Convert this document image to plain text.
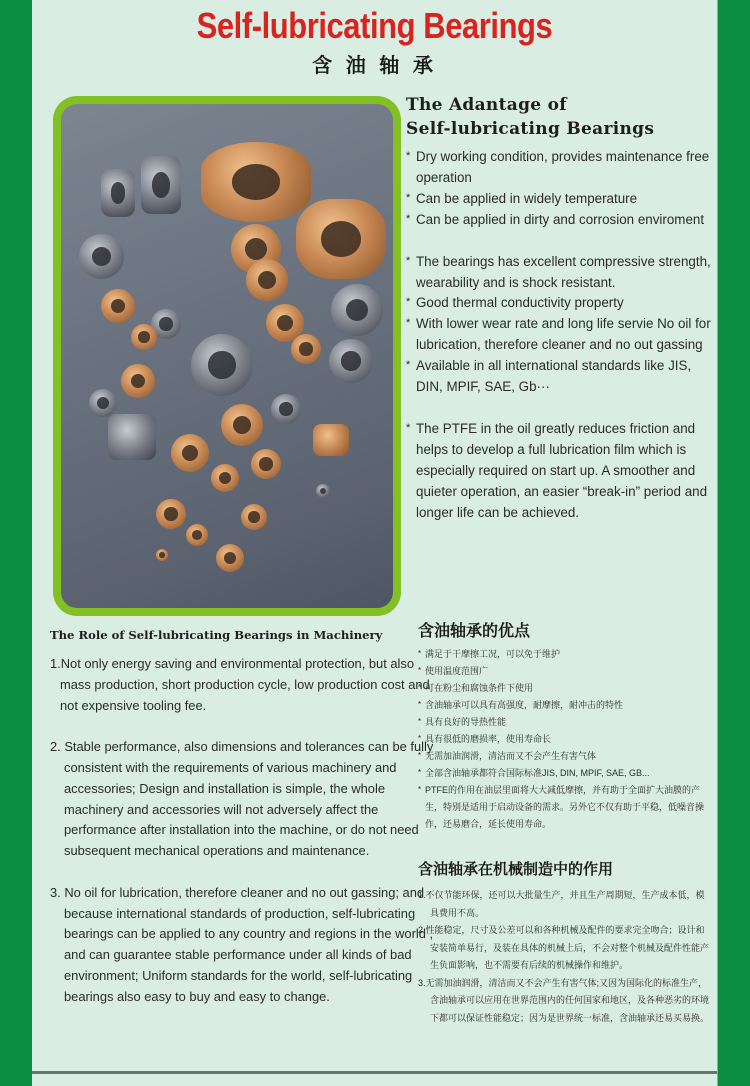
Self-lubricating Bearings
含 油 轴 承
The Adantage of
Self-lubricating Bearings
* Dry working condition, provides maintenance free operation
* Can be applied in widely temperature
* Can be applied in dirty and corrosion enviroment
* The bearings has excellent compressive strength, wearability and is shock resistant.
* Good thermal conductivity property
* With lower wear rate and long life servie No oil for lubrication, therefore cleaner and no out gassing
* Available in all international standards like JIS, DIN, MPIF, SAE, Gb···
* The PTFE in the oil greatly reduces friction and helps to develop a full lubrication film which is especially required on start up. A smoother and quieter operation, an easier “break-in” period and longer life can be achieved.
The Role of Self-lubricating Bearings in Machinery
1.Not only energy saving and environmental protection, but also mass production, short production cycle, low production cost and not expensive tooling fee.
2. Stable performance, also dimensions and tolerances can be fully consistent with the requirements of various machinery and accessories; Design and installation is simple, the whole machinery and accessories will not adversely affect the performance after installation into the machine, or do not need subsequent mechanical operations and maintenance.
3. No oil for lubrication, therefore cleaner and no out gassing; and because international standards of production, self-lubricating bearings can be applied to any country and regions in the world , and can guarantee stable performance under all kinds of bad environment; Uniform standards for the world, self-lubricating bearings also easy to buy and easy to change.
含油轴承的优点
* 满足于干摩擦工况，可以免于维护
* 使用温度范围广
* 可在粉尘和腐蚀条件下使用
* 含油轴承可以具有高强度，耐摩擦，耐冲击的特性
* 具有良好的导热性能
* 具有很低的磨损率，使用寿命长
* 无需加油润滑，清洁而又不会产生有害气体
* 全部含油轴承都符合国际标准JIS, DIN, MPIF, SAE, GB...
* PTFE的作用在油层里面将大大减低摩擦，并有助于全面扩大油膜的产生，特别是适用于启动设备的需求。另外它不仅有助于平稳，低噪音操作，还易磨合，延长使用寿命。
含油轴承在机械制造中的作用
1.不仅节能环保，还可以大批量生产，并且生产周期短，生产成本低，模具费用不高。
2.性能稳定，尺寸及公差可以和各种机械及配件的要求完全吻合；设计和安装简单易行，及装在具体的机械上后，不会对整个机械及配件性能产生负面影响，也不需要有后续的机械操作和维护。
3.无需加油润滑，清洁而又不会产生有害气体;又因为国际化的标准生产，含油轴承可以应用在世界范围内的任何国家和地区，及各种恶劣的环境下都可以保证性能稳定；因为是世界统一标准，含油轴承还易买易换。
